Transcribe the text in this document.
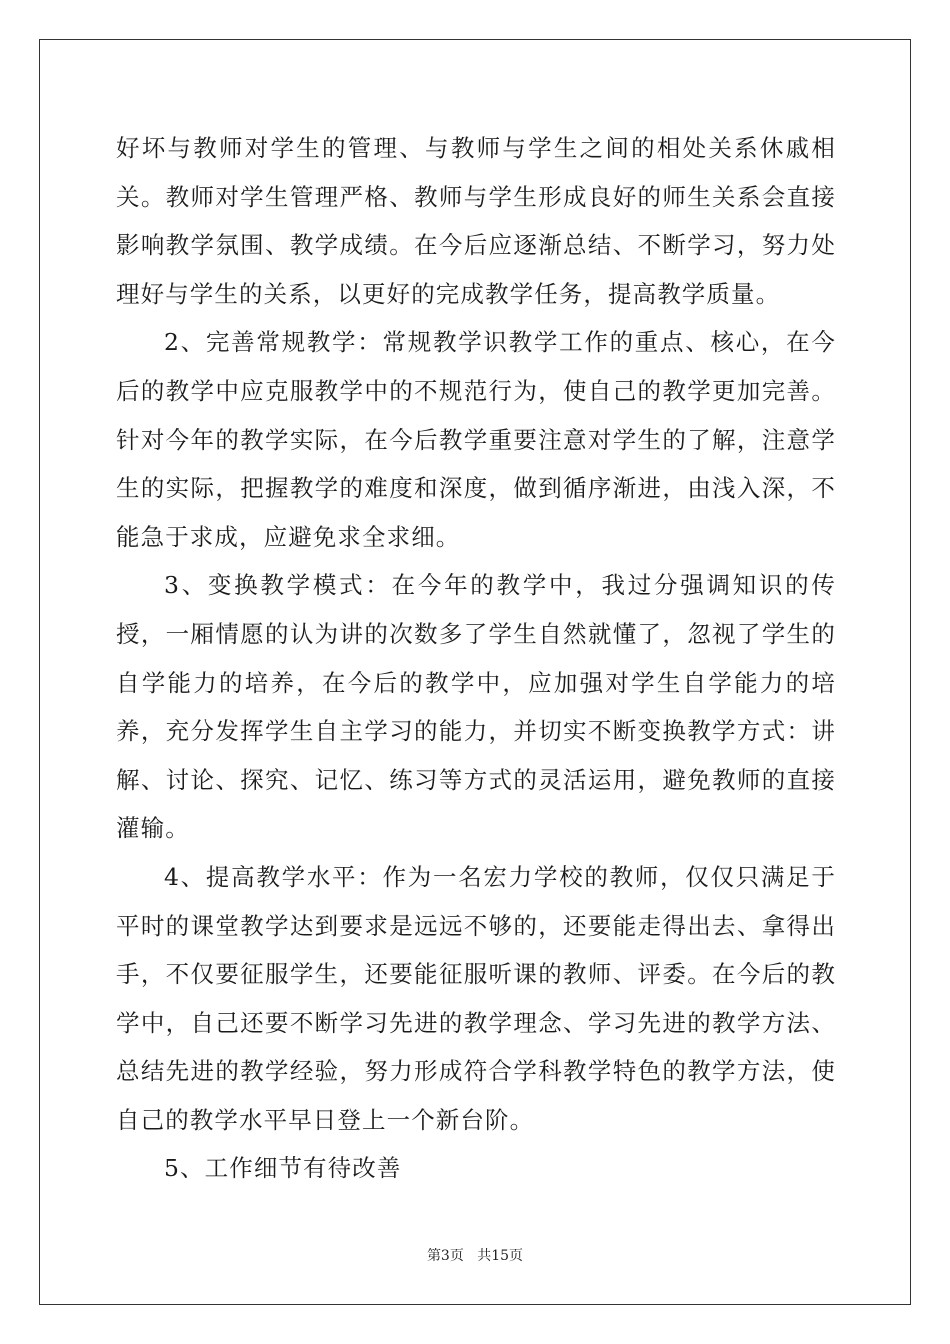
好坏与教师对学生的管理、与教师与学生之间的相处关系休戚相关。教师对学生管理严格、教师与学生形成良好的师生关系会直接影响教学氛围、教学成绩。在今后应逐渐总结、不断学习，努力处理好与学生的关系，以更好的完成教学任务，提高教学质量。

2、完善常规教学：常规教学识教学工作的重点、核心，在今后的教学中应克服教学中的不规范行为，使自己的教学更加完善。针对今年的教学实际，在今后教学重要注意对学生的了解，注意学生的实际，把握教学的难度和深度，做到循序渐进，由浅入深，不能急于求成，应避免求全求细。

3、变换教学模式：在今年的教学中，我过分强调知识的传授，一厢情愿的认为讲的次数多了学生自然就懂了，忽视了学生的自学能力的培养，在今后的教学中，应加强对学生自学能力的培养，充分发挥学生自主学习的能力，并切实不断变换教学方式：讲解、讨论、探究、记忆、练习等方式的灵活运用，避免教师的直接灌输。

4、提高教学水平：作为一名宏力学校的教师，仅仅只满足于平时的课堂教学达到要求是远远不够的，还要能走得出去、拿得出手，不仅要征服学生，还要能征服听课的教师、评委。在今后的教学中，自己还要不断学习先进的教学理念、学习先进的教学方法、总结先进的教学经验，努力形成符合学科教学特色的教学方法，使自己的教学水平早日登上一个新台阶。

5、工作细节有待改善

第3页 共15页
